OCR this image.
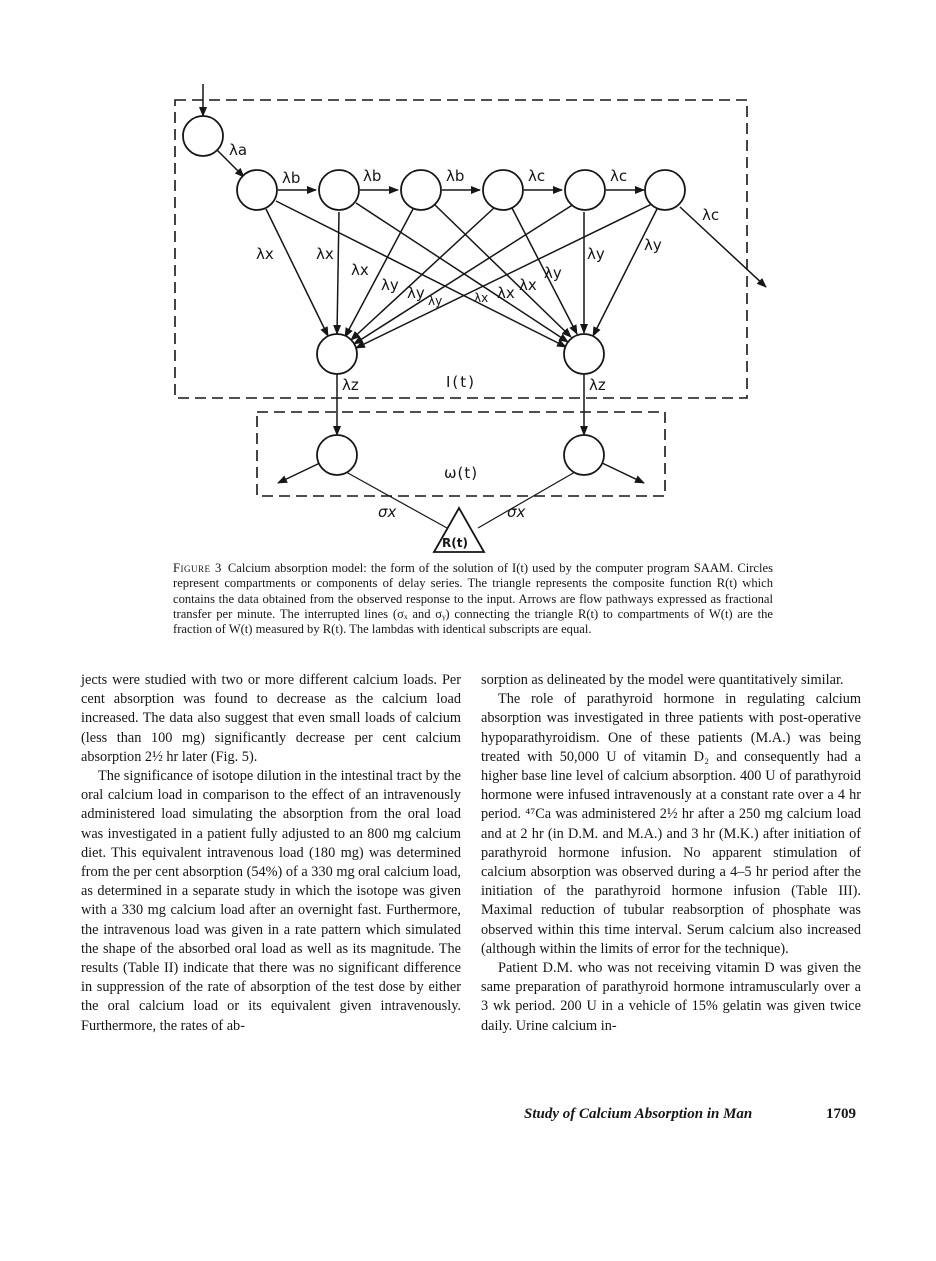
λa
λb	λb	λb	λc	λc
λc
λx	λx
λx
λy λy λy	λx λx λx
λy
λy	λy
λz	λz
I(t)
ω(t)
σx	σx
R(t)
Figure 3 Calcium absorption model: the form of the solution of I(t) used by the computer program SAAM. Circles represent compartments or components of delay series. The triangle represents the composite function R(t) which contains the data obtained from the observed response to the input. Arrows are flow pathways expressed as fractional transfer per minute. The interrupted lines (σₓ and σᵧ) connecting the triangle R(t) to compartments of W(t) are the fraction of W(t) measured by R(t). The lambdas with identical subscripts are equal.

jects were studied with two or more different calcium loads. Per cent absorption was found to decrease as the calcium load increased. The data also suggest that even small loads of calcium (less than 100 mg) significantly decrease per cent calcium absorption 2½ hr later (Fig. 5).

The significance of isotope dilution in the intestinal tract by the oral calcium load in comparison to the effect of an intravenously administered load simulating the absorption from the oral load was investigated in a patient fully adjusted to an 800 mg calcium diet. This equivalent intravenous load (180 mg) was determined from the per cent absorption (54%) of a 330 mg oral calcium load, as determined in a separate study in which the isotope was given with a 330 mg calcium load after an overnight fast. Furthermore, the intravenous load was given in a rate pattern which simulated the shape of the absorbed oral load as well as its magnitude. The results (Table II) indicate that there was no significant difference in suppression of the rate of absorption of the test dose by either the oral calcium load or its equivalent given intravenously. Furthermore, the rates of ab-

sorption as delineated by the model were quantitatively similar.

The role of parathyroid hormone in regulating calcium absorption was investigated in three patients with post-operative hypoparathyroidism. One of these patients (M.A.) was being treated with 50,000 U of vitamin D₂ and consequently had a higher base line level of calcium absorption. 400 U of parathyroid hormone were infused intravenously at a constant rate over a 4 hr period. ⁴⁷Ca was administered 2½ hr after a 250 mg calcium load and at 2 hr (in D.M. and M.A.) and 3 hr (M.K.) after initiation of parathyroid hormone infusion. No apparent stimulation of calcium absorption was observed during a 4–5 hr period after the initiation of the parathyroid hormone infusion (Table III). Maximal reduction of tubular reabsorption of phosphate was observed within this time interval. Serum calcium also increased (although within the limits of error for the technique).

Patient D.M. who was not receiving vitamin D was given the same preparation of parathyroid hormone intramuscularly over a 3 wk period. 200 U in a vehicle of 15% gelatin was given twice daily. Urine calcium in-

Study of Calcium Absorption in Man	1709
